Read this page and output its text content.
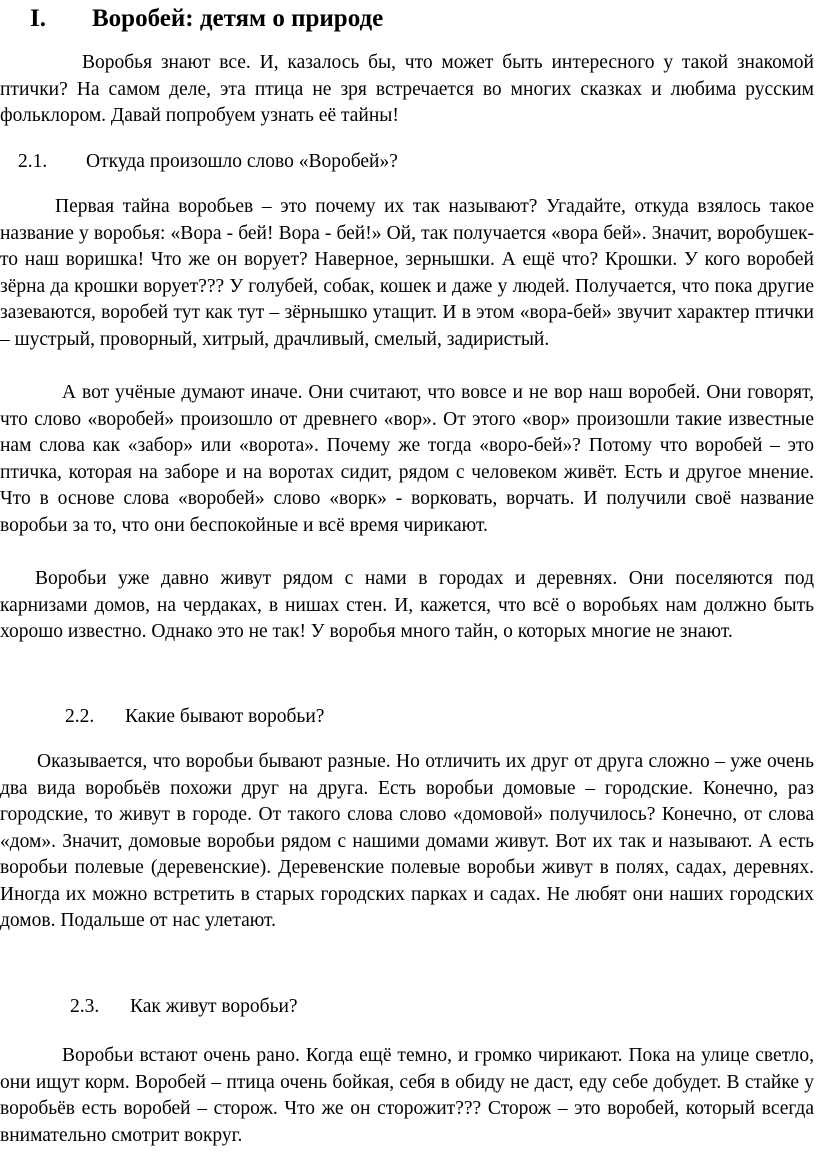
I. Воробей: детям о природе

Воробья знают все. И, казалось бы, что может быть интересного у такой знакомой птички? На самом деле, эта птица не зря встречается во многих сказках и любима русским фольклором. Давай попробуем узнать её тайны!

2.1. Откуда произошло слово «Воробей»?

Первая тайна воробьев – это почему их так называют? Угадайте, откуда взялось такое название у воробья: «Вора - бей! Вора - бей!» Ой, так получается «вора бей». Значит, воробушек-то наш воришка! Что же он ворует? Наверное, зернышки. А ещё что? Крошки. У кого воробей зёрна да крошки ворует??? У голубей, собак, кошек и даже у людей. Получается, что пока другие зазеваются, воробей тут как тут – зёрнышко утащит. И в этом «вора-бей» звучит характер птички – шустрый, проворный, хитрый, драчливый, смелый, задиристый.

А вот учёные думают иначе. Они считают, что вовсе и не вор наш воробей. Они говорят, что слово «воробей» произошло от древнего «вор». От этого «вор» произошли такие известные нам слова как «забор» или «ворота». Почему же тогда «воро-бей»? Потому что воробей – это птичка, которая на заборе и на воротах сидит, рядом с человеком живёт. Есть и другое мнение. Что в основе слова «воробей» слово «ворк» - ворковать, ворчать. И получили своё название воробьи за то, что они беспокойные и всё время чирикают.

Воробьи уже давно живут рядом с нами в городах и деревнях. Они поселяются под карнизами домов, на чердаках, в нишах стен. И, кажется, что всё о воробьях нам должно быть хорошо известно. Однако это не так! У воробья много тайн, о которых многие не знают.

2.2. Какие бывают воробьи?

Оказывается, что воробьи бывают разные. Но отличить их друг от друга сложно – уже очень два вида воробьёв похожи друг на друга. Есть воробьи домовые – городские. Конечно, раз городские, то живут в городе. От такого слова слово «домовой» получилось? Конечно, от слова «дом». Значит, домовые воробьи рядом с нашими домами живут. Вот их так и называют. А есть воробьи полевые (деревенские). Деревенские полевые воробьи живут в полях, садах, деревнях. Иногда их можно встретить в старых городских парках и садах. Не любят они наших городских домов. Подальше от нас улетают.

2.3. Как живут воробьи?

Воробьи встают очень рано. Когда ещё темно, и громко чирикают. Пока на улице светло, они ищут корм. Воробей – птица очень бойкая, себя в обиду не даст, еду себе добудет. В стайке у воробьёв есть воробей – сторож. Что же он сторожит??? Сторож – это воробей, который всегда внимательно смотрит вокруг.
